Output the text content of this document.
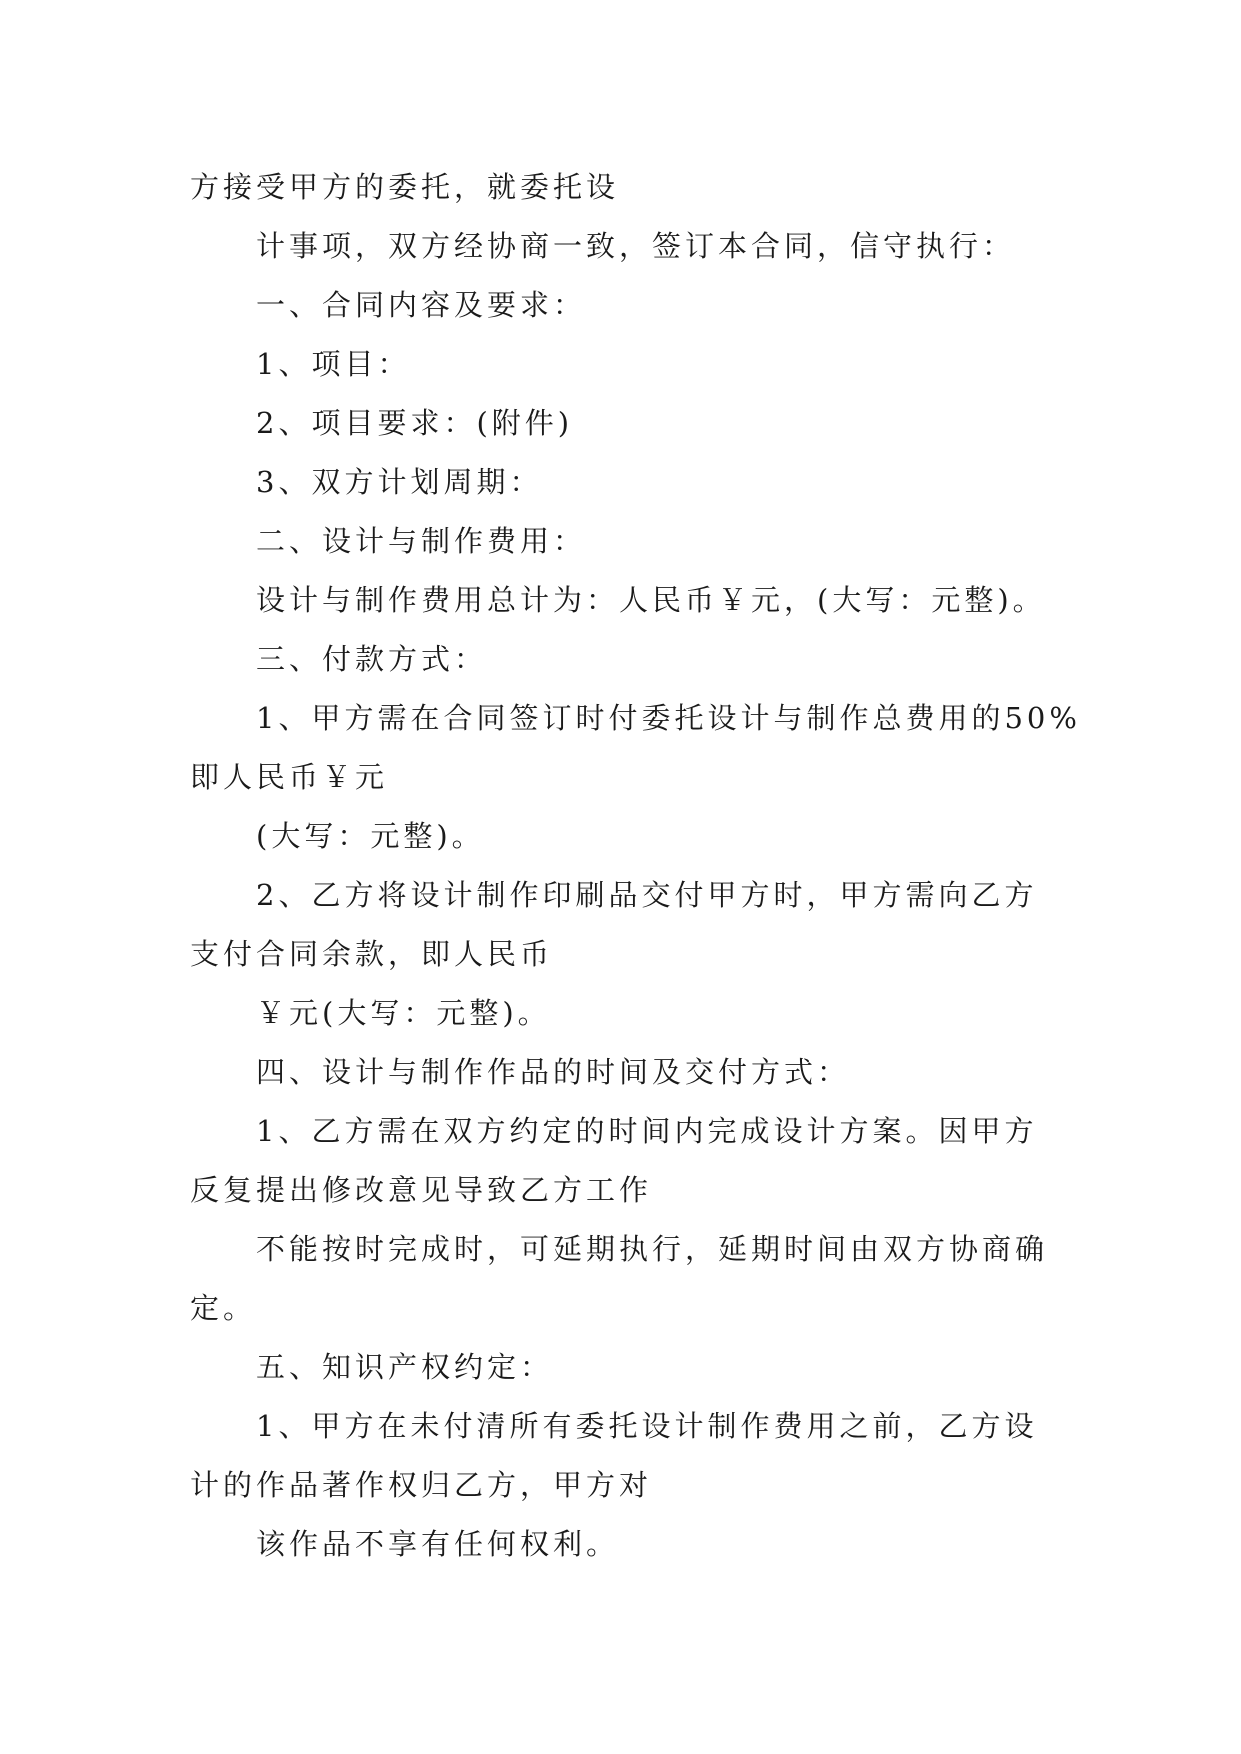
方接受甲方的委托，就委托设
计事项，双方经协商一致，签订本合同，信守执行：
一、合同内容及要求：
1、项目：
2、项目要求：(附件)
3、双方计划周期：
二、设计与制作费用：
设计与制作费用总计为：人民币￥元，(大写：元整)。
三、付款方式：
1、甲方需在合同签订时付委托设计与制作总费用的50%
即人民币￥元
(大写：元整)。
2、乙方将设计制作印刷品交付甲方时，甲方需向乙方
支付合同余款，即人民币
￥元(大写：元整)。
四、设计与制作作品的时间及交付方式：
1、乙方需在双方约定的时间内完成设计方案。因甲方
反复提出修改意见导致乙方工作
不能按时完成时，可延期执行，延期时间由双方协商确
定。
五、知识产权约定：
1、甲方在未付清所有委托设计制作费用之前，乙方设
计的作品著作权归乙方，甲方对
该作品不享有任何权利。
